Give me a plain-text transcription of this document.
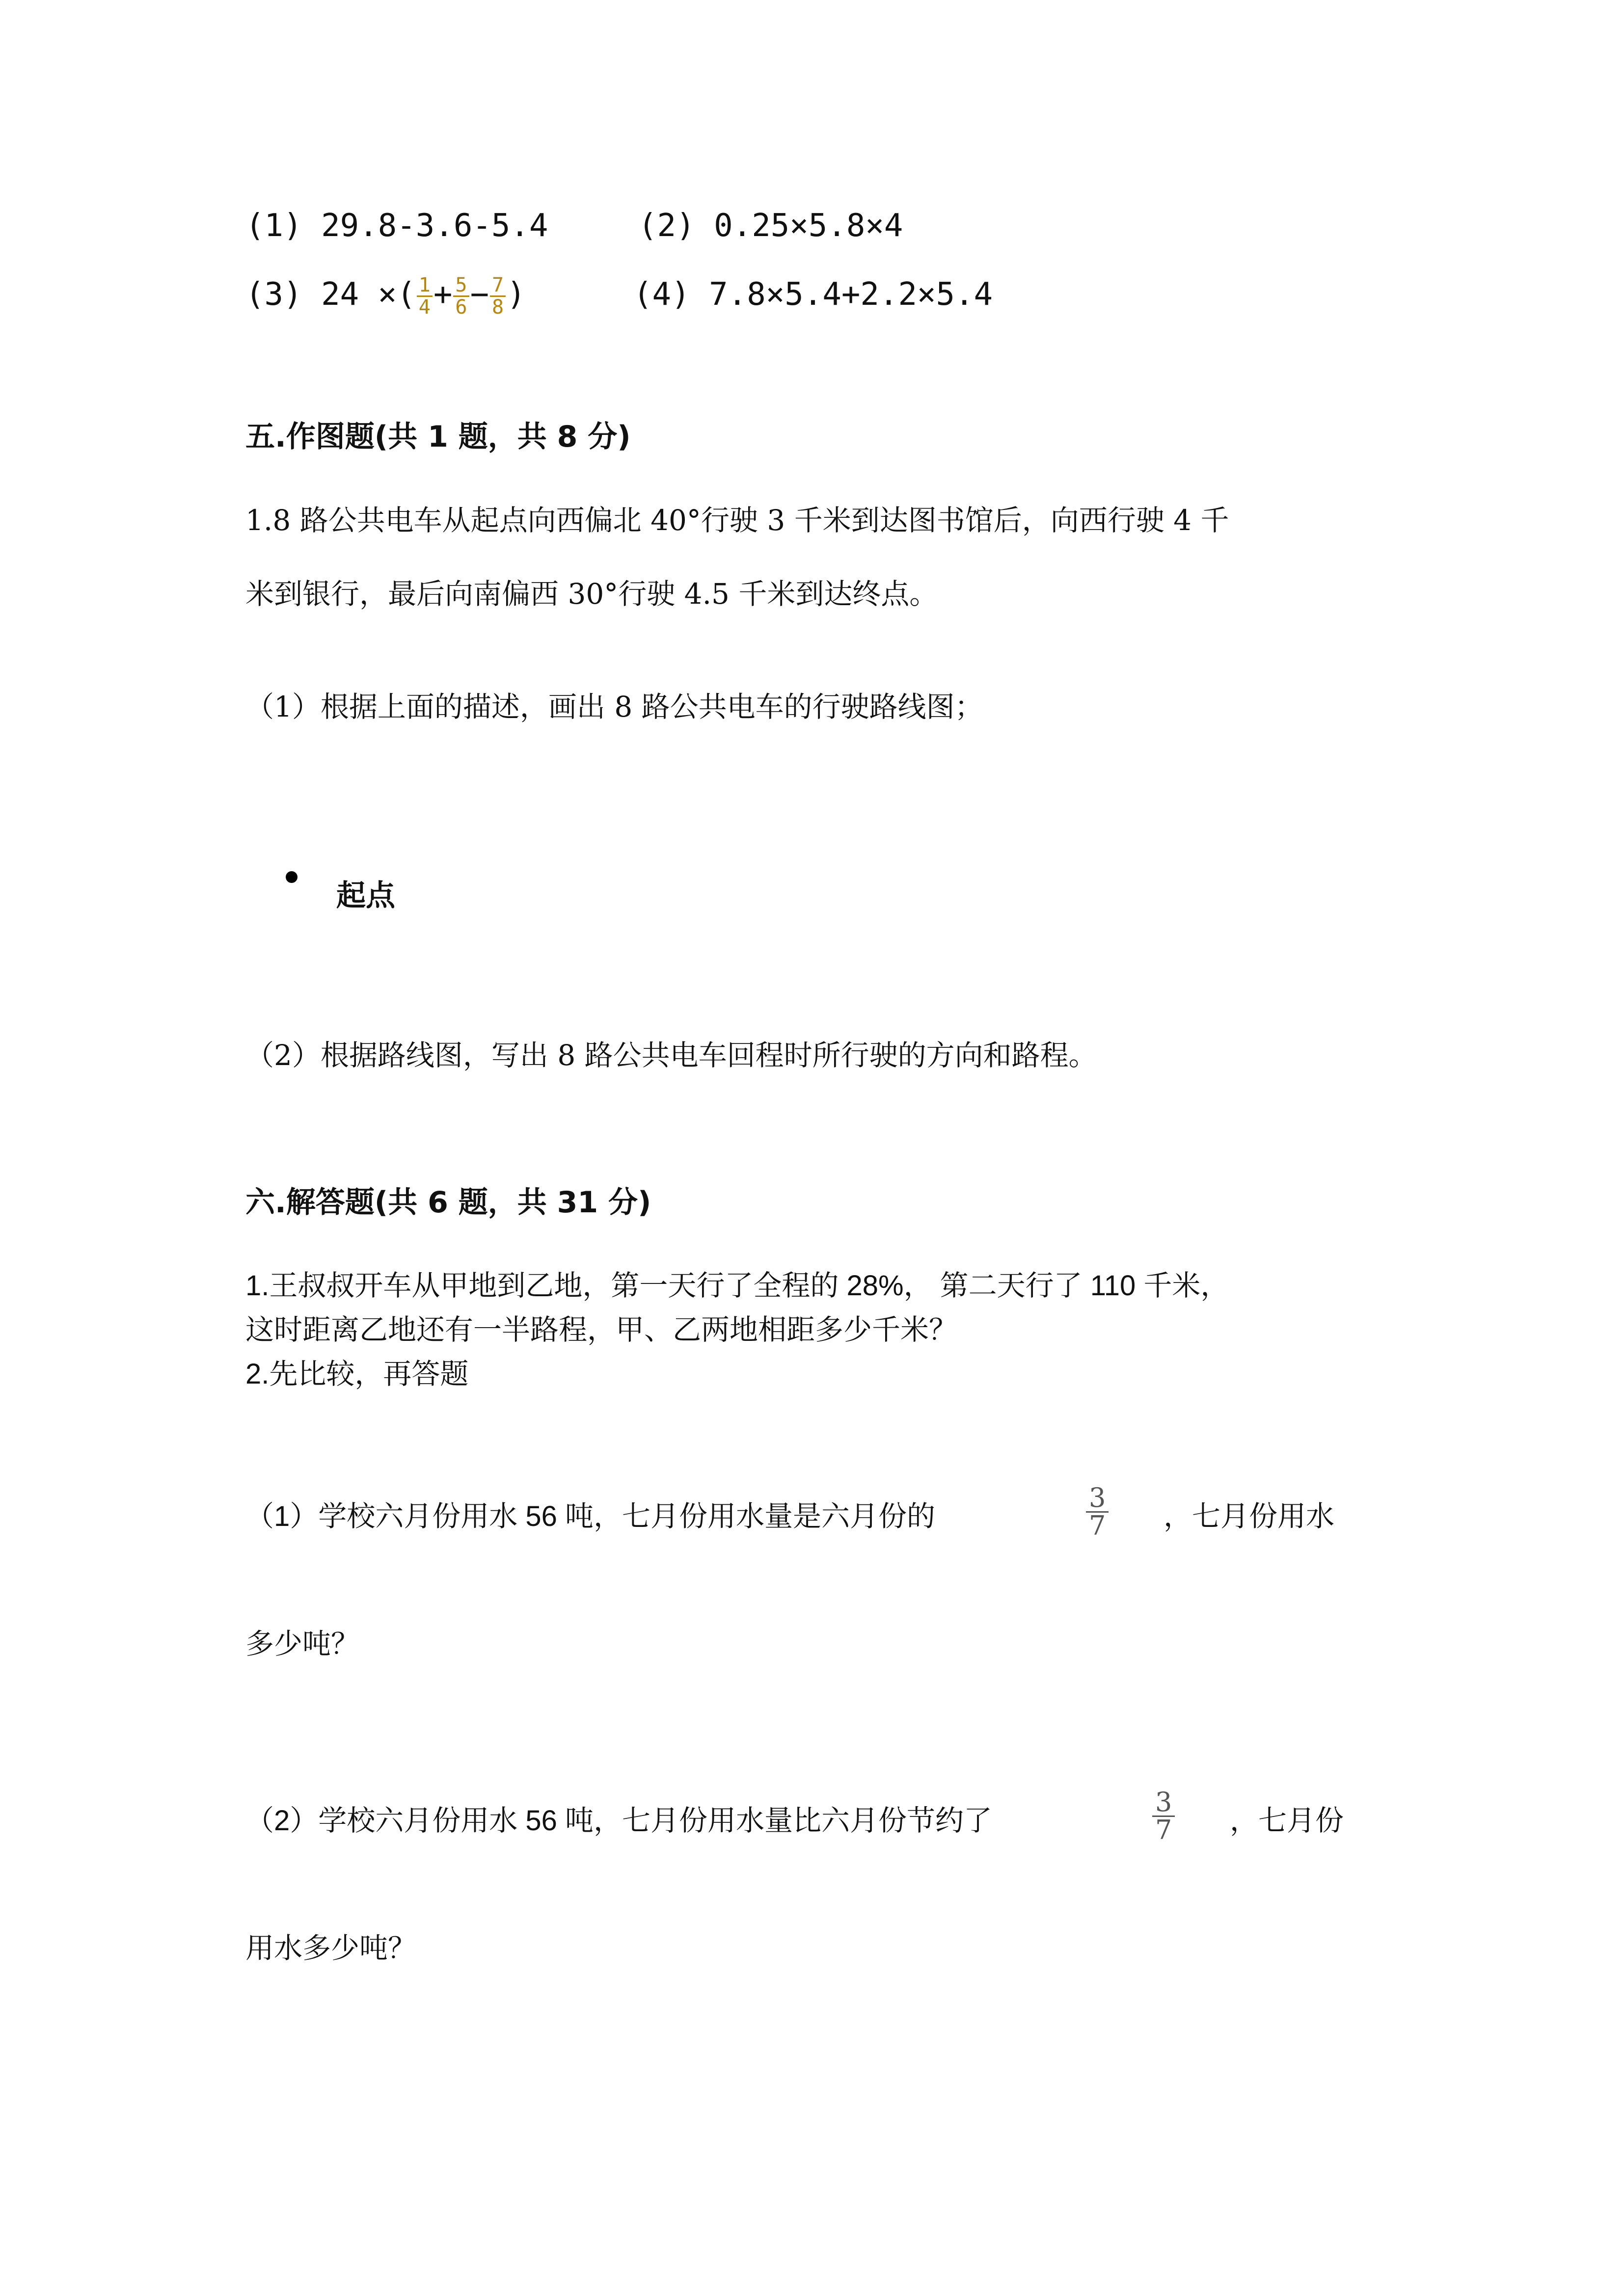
(1) 29.8-3.6-5.4	(2) 0.25×5.8×4
(3) 24 ×( $\frac{1}{4} + \frac{5}{6} - \frac{7}{8}$ )	(4) 7.8×5.4+2.2×5.4
五.作图题(共 1 题，共 8 分)
1.8 路公共电车从起点向西偏北 40°行驶 3 千米到达图书馆后，向西行驶 4 千
米到银行，最后向南偏西 30°行驶 4.5 千米到达终点。
（1）根据上面的描述，画出 8 路公共电车的行驶路线图；
起点
（2）根据路线图，写出 8 路公共电车回程时所行驶的方向和路程。
六.解答题(共 6 题，共 31 分)
1.王叔叔开车从甲地到乙地，第一天行了全程的 28%， 第二天行了 110 千米，
这时距离乙地还有一半路程，甲、乙两地相距多少千米？
2.先比较，再答题
（1）学校六月份用水 56 吨，七月份用水量是六月份的	$\frac{3}{7}$ ，七月份用水
多少吨？
（2）学校六月份用水 56 吨，七月份用水量比六月份节约了	$\frac{3}{7}$ ，七月份
用水多少吨？
